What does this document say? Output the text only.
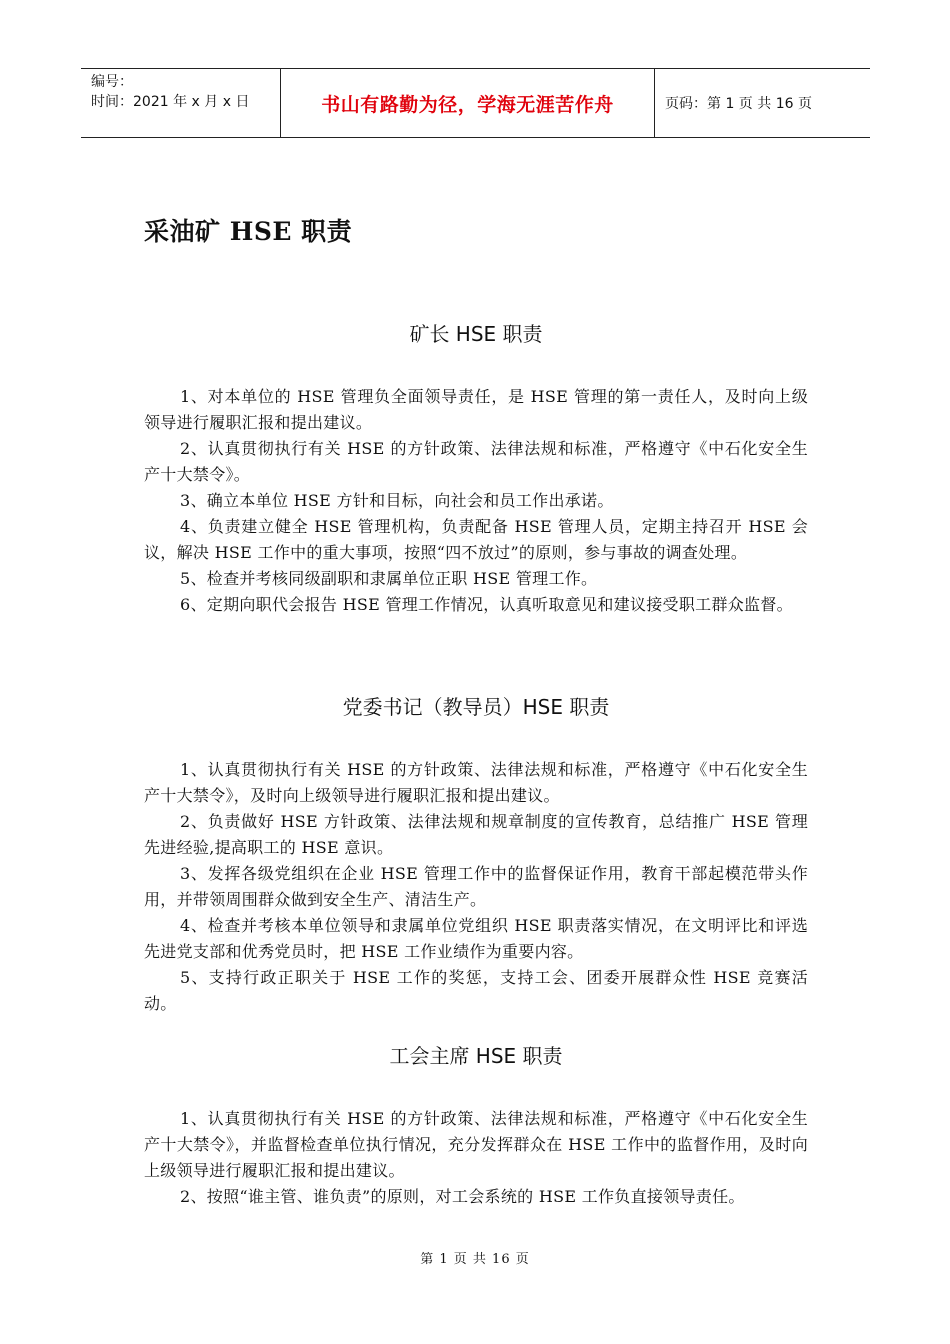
编号：
时间：2021 年 x 月 x 日	书山有路勤为径，学海无涯苦作舟	页码：第 1 页 共 16 页
采油矿 HSE 职责
矿长 HSE 职责

1、对本单位的 HSE 管理负全面领导责任，是 HSE 管理的第一责任人，及时向上级领导进行履职汇报和提出建议。

2、认真贯彻执行有关 HSE 的方针政策、法律法规和标准，严格遵守《中石化安全生产十大禁令》。

3、确立本单位 HSE 方针和目标，向社会和员工作出承诺。

4、负责建立健全 HSE 管理机构，负责配备 HSE 管理人员，定期主持召开 HSE 会议，解决 HSE 工作中的重大事项，按照“四不放过”的原则，参与事故的调查处理。

5、检查并考核同级副职和隶属单位正职 HSE 管理工作。

6、定期向职代会报告 HSE 管理工作情况，认真听取意见和建议接受职工群众监督。

党委书记（教导员）HSE 职责

1、认真贯彻执行有关 HSE 的方针政策、法律法规和标准，严格遵守《中石化安全生产十大禁令》，及时向上级领导进行履职汇报和提出建议。

2、负责做好 HSE 方针政策、法律法规和规章制度的宣传教育，总结推广 HSE 管理先进经验,提高职工的 HSE 意识。

3、发挥各级党组织在企业 HSE 管理工作中的监督保证作用，教育干部起模范带头作用，并带领周围群众做到安全生产、清洁生产。

4、检查并考核本单位领导和隶属单位党组织 HSE 职责落实情况，在文明评比和评选先进党支部和优秀党员时，把 HSE 工作业绩作为重要内容。

5、支持行政正职关于 HSE 工作的奖惩，支持工会、团委开展群众性 HSE 竞赛活动。

工会主席 HSE 职责

1、认真贯彻执行有关 HSE 的方针政策、法律法规和标准，严格遵守《中石化安全生产十大禁令》，并监督检查单位执行情况，充分发挥群众在 HSE 工作中的监督作用，及时向上级领导进行履职汇报和提出建议。

2、按照“谁主管、谁负责”的原则，对工会系统的 HSE 工作负直接领导责任。

第 1 页 共 16 页
